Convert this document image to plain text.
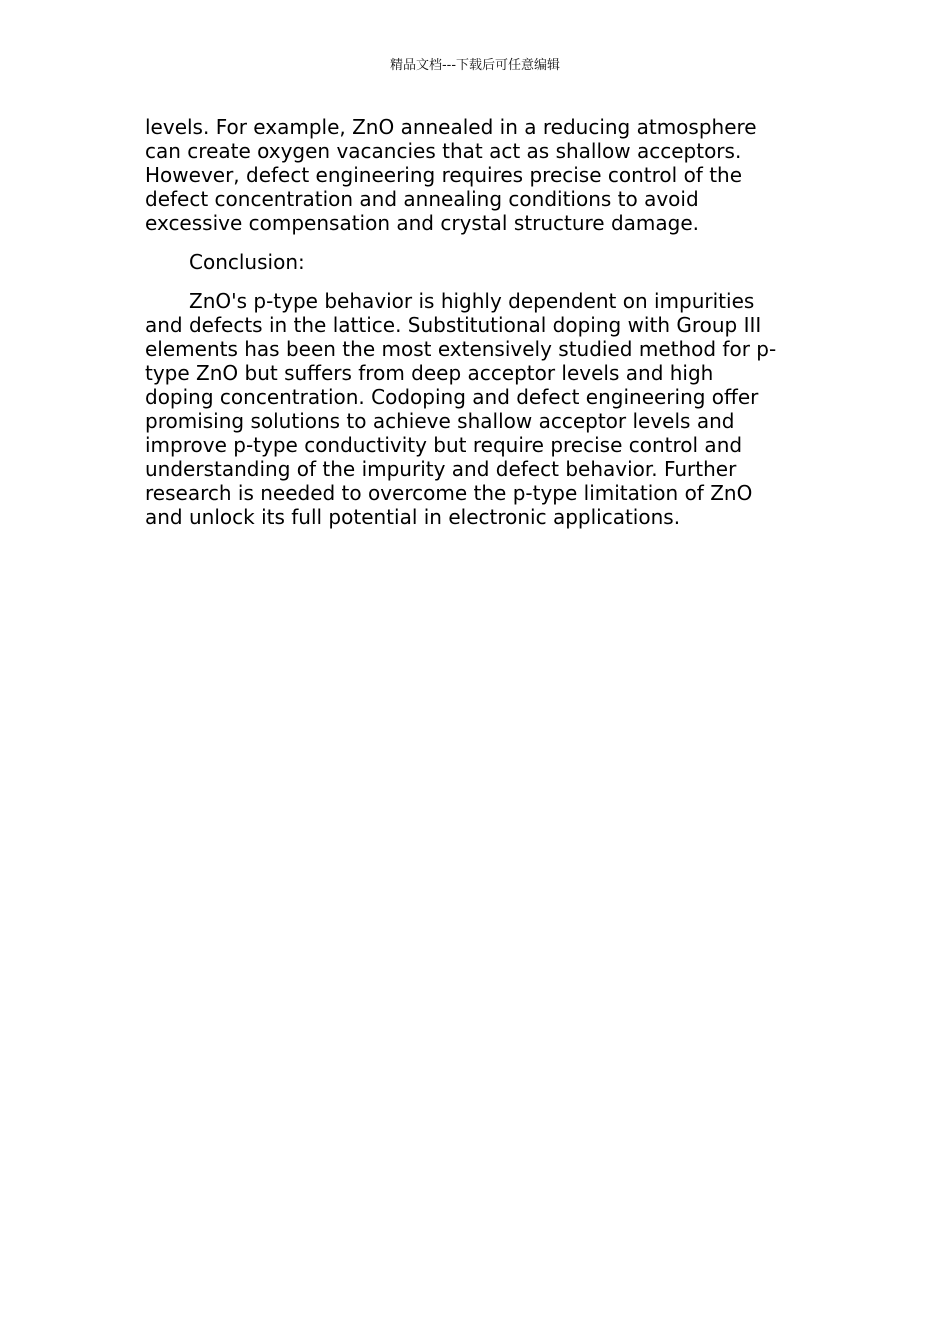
精品文档---下载后可任意编辑

levels. For example, ZnO annealed in a reducing atmosphere
can create oxygen vacancies that act as shallow acceptors.
However, defect engineering requires precise control of the
defect concentration and annealing conditions to avoid
excessive compensation and crystal structure damage.

Conclusion:

ZnO's p-type behavior is highly dependent on impurities
and defects in the lattice. Substitutional doping with Group III
elements has been the most extensively studied method for p-
type ZnO but suffers from deep acceptor levels and high
doping concentration. Codoping and defect engineering offer
promising solutions to achieve shallow acceptor levels and
improve p-type conductivity but require precise control and
understanding of the impurity and defect behavior. Further
research is needed to overcome the p-type limitation of ZnO
and unlock its full potential in electronic applications.
